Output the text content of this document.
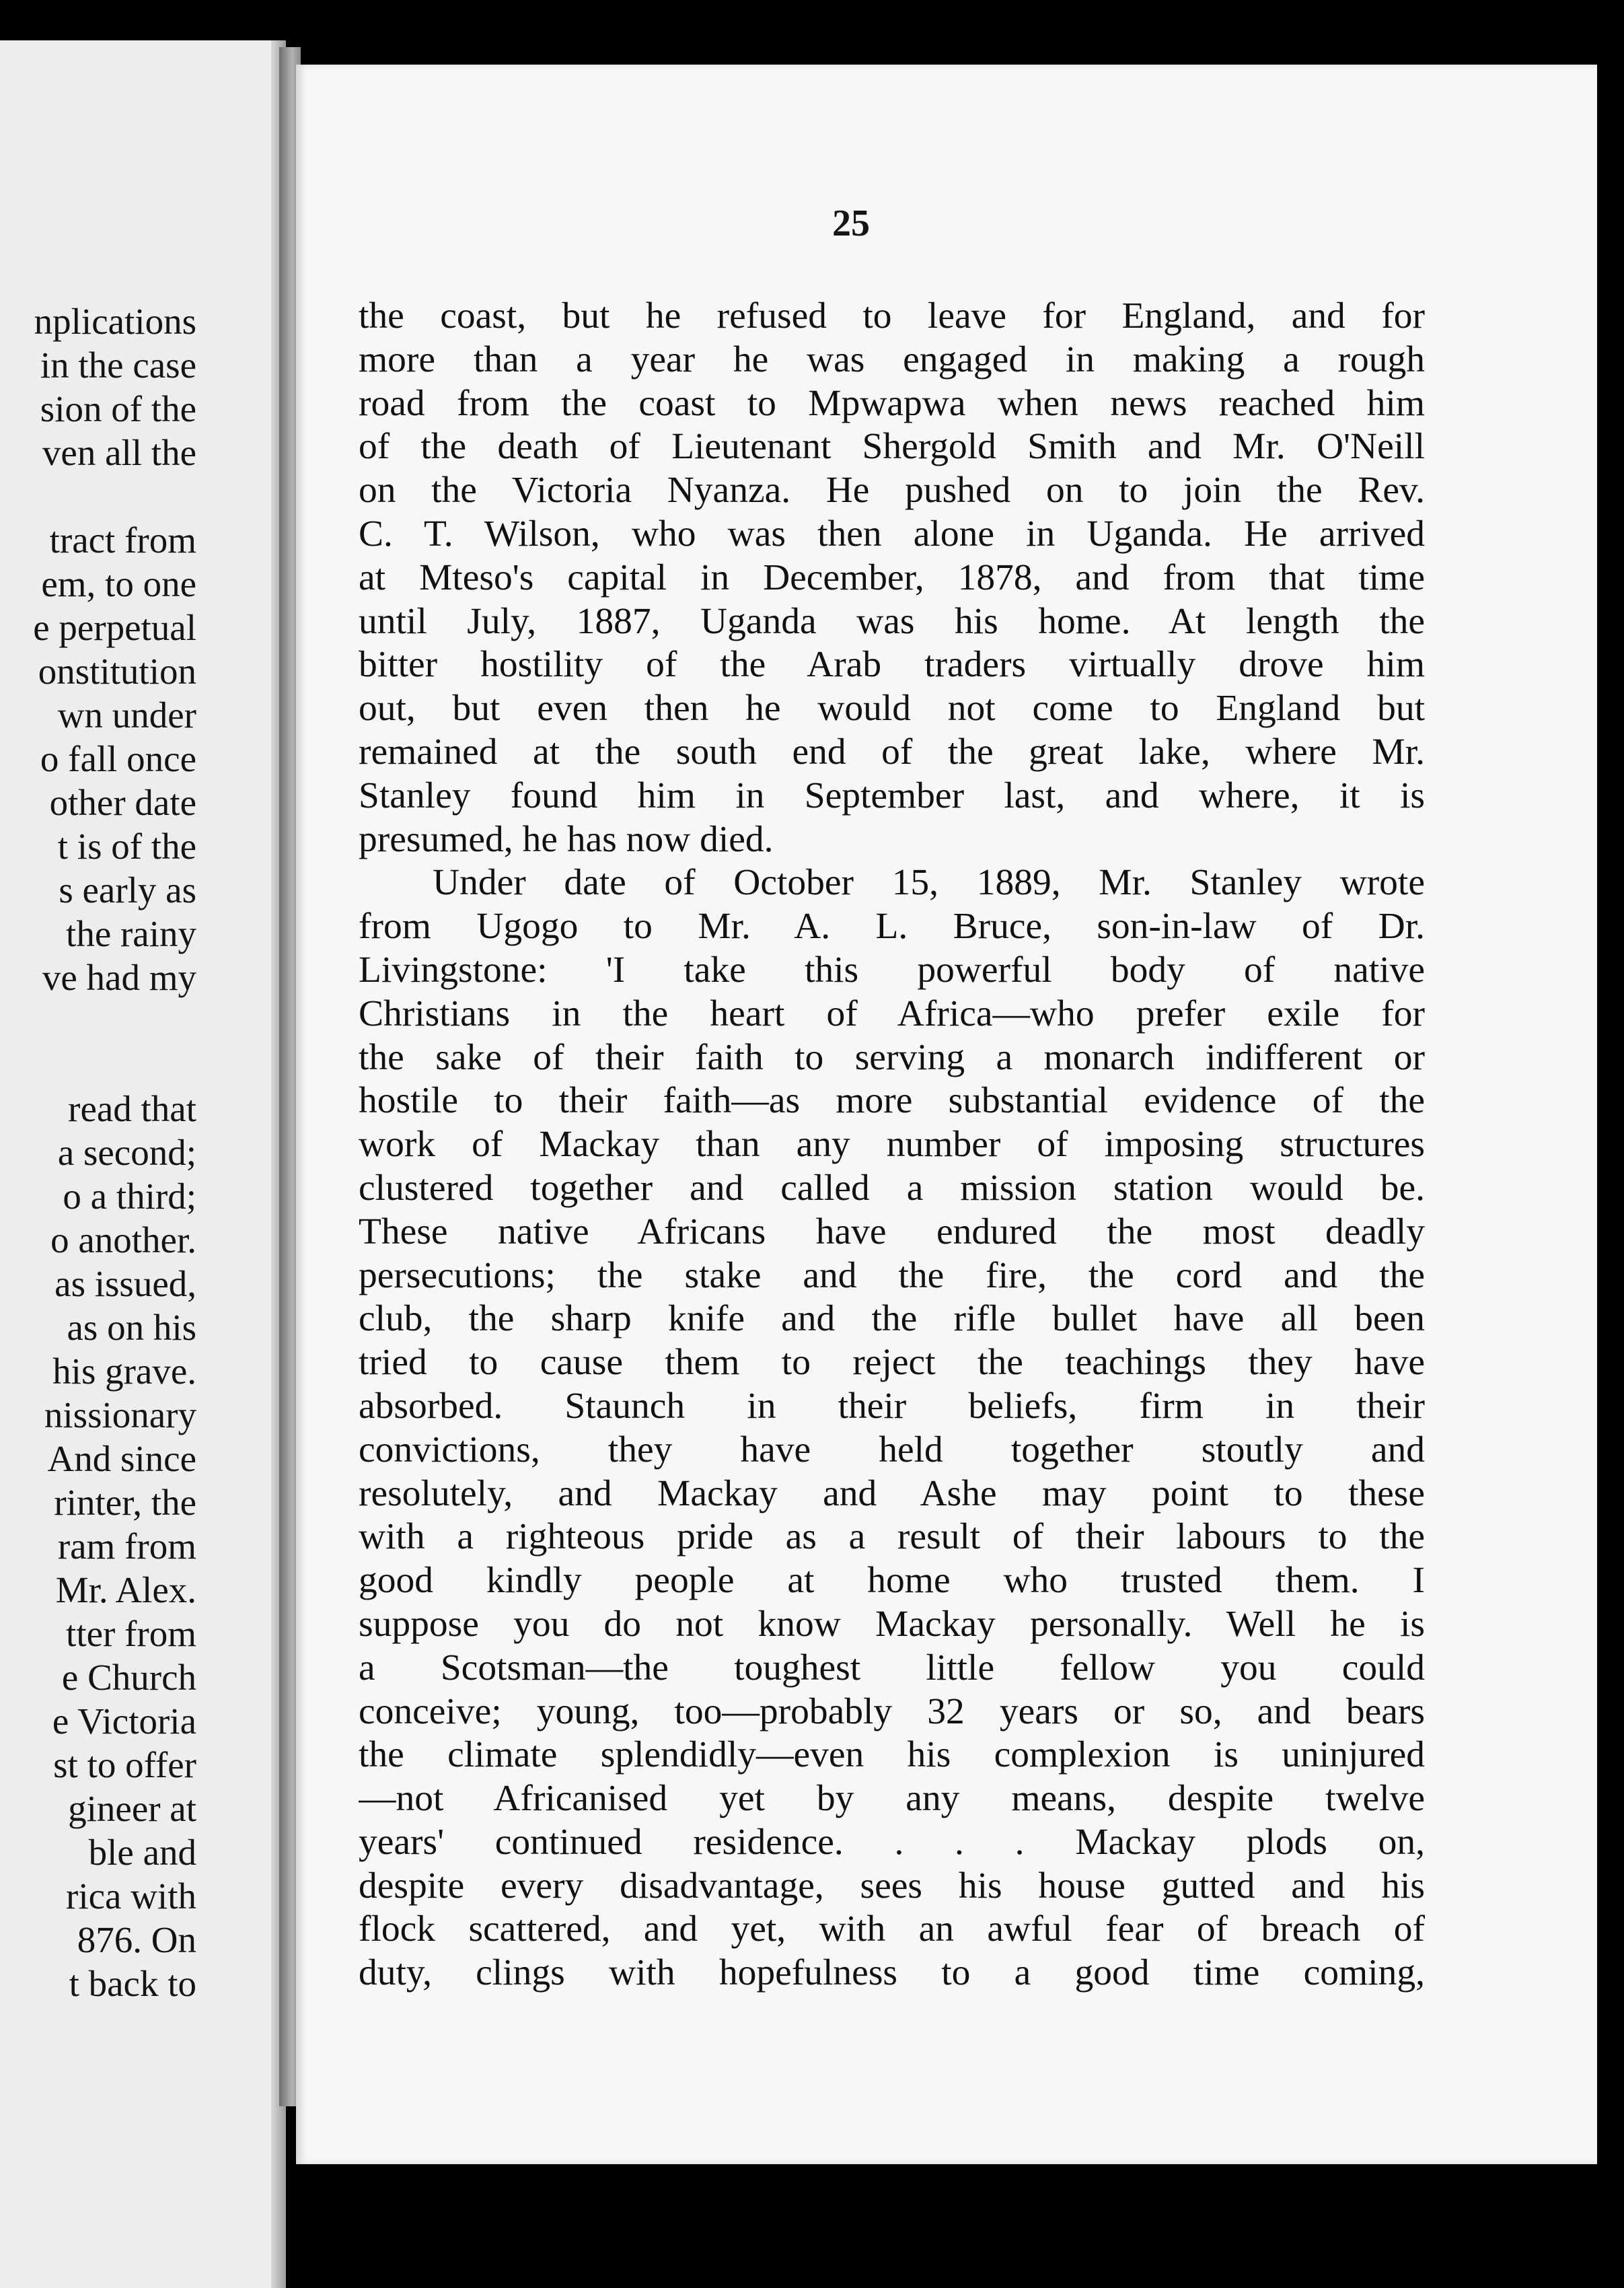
nplications
in the case
sion of the
ven all the
tract from
em, to one
e perpetual
onstitution
wn under
o fall once
other date
t is of the
s early as
the rainy
ve had my
read that
a second;
o a third;
o another.
as issued,
as on his
his grave.
nissionary
And since
rinter, the
ram from
Mr. Alex.
tter from
e Church
e Victoria
st to offer
gineer at
ble and
rica with
876. On
t back to
25
the coast, but he refused to leave for England, and for
more than a year he was engaged in making a rough
road from the coast to Mpwapwa when news reached him
of the death of Lieutenant Shergold Smith and Mr. O'Neill
on the Victoria Nyanza. He pushed on to join the Rev.
C. T. Wilson, who was then alone in Uganda. He arrived
at Mteso's capital in December, 1878, and from that time
until July, 1887, Uganda was his home. At length the
bitter hostility of the Arab traders virtually drove him
out, but even then he would not come to England but
remained at the south end of the great lake, where Mr.
Stanley found him in September last, and where, it is
presumed, he has now died.
Under date of October 15, 1889, Mr. Stanley wrote
from Ugogo to Mr. A. L. Bruce, son-in-law of Dr.
Livingstone: 'I take this powerful body of native
Christians in the heart of Africa—who prefer exile for
the sake of their faith to serving a monarch indifferent or
hostile to their faith—as more substantial evidence of the
work of Mackay than any number of imposing structures
clustered together and called a mission station would be.
These native Africans have endured the most deadly
persecutions; the stake and the fire, the cord and the
club, the sharp knife and the rifle bullet have all been
tried to cause them to reject the teachings they have
absorbed. Staunch in their beliefs, firm in their
convictions, they have held together stoutly and
resolutely, and Mackay and Ashe may point to these
with a righteous pride as a result of their labours to the
good kindly people at home who trusted them. I
suppose you do not know Mackay personally. Well he is
a Scotsman—the toughest little fellow you could
conceive; young, too—probably 32 years or so, and bears
the climate splendidly—even his complexion is uninjured
—not Africanised yet by any means, despite twelve
years' continued residence. . . . Mackay plods on,
despite every disadvantage, sees his house gutted and his
flock scattered, and yet, with an awful fear of breach of
duty, clings with hopefulness to a good time coming,
